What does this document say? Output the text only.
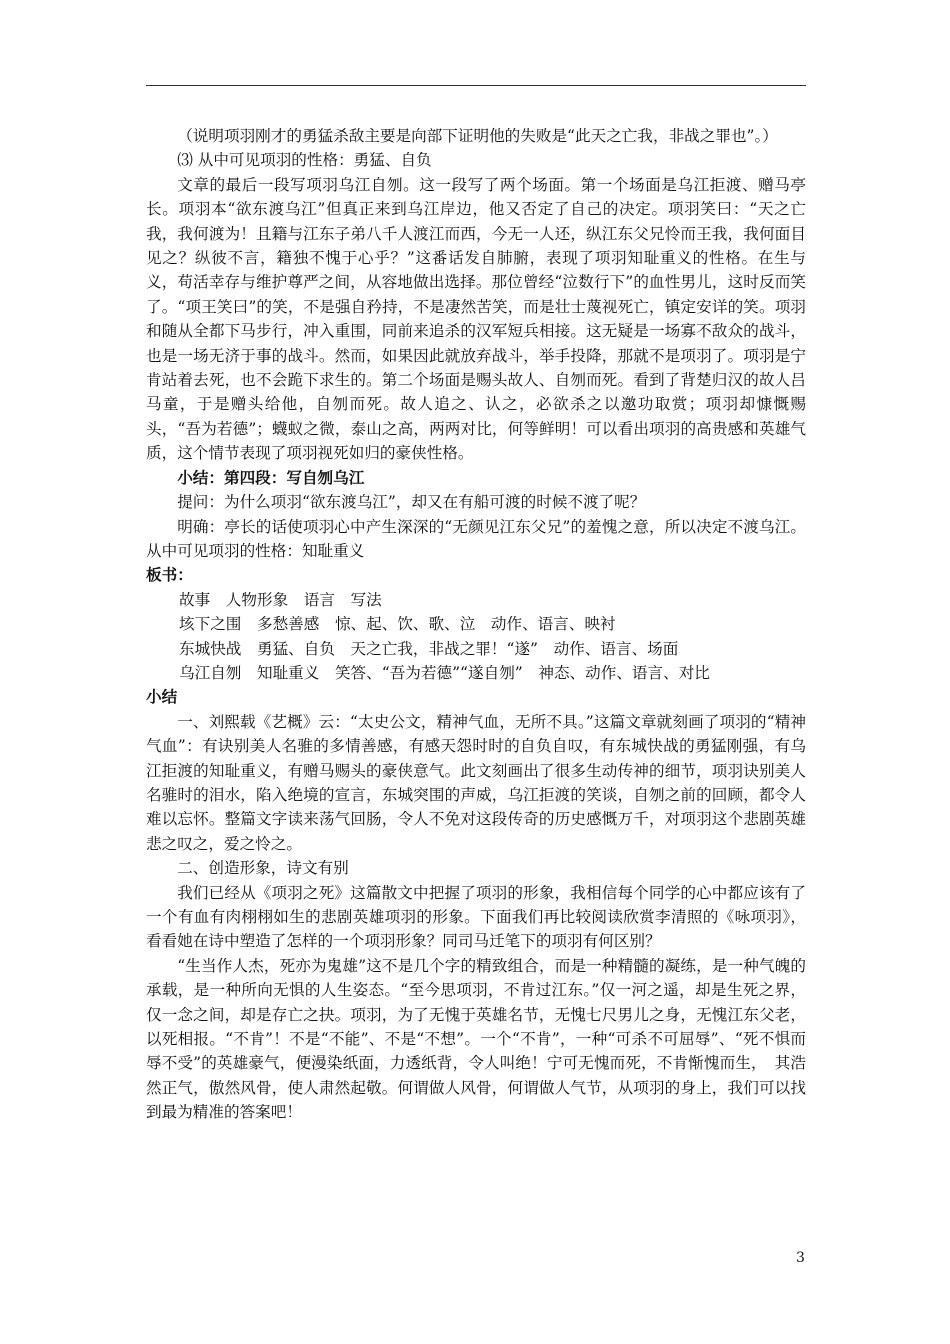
（说明项羽刚才的勇猛杀敌主要是向部下证明他的失败是“此天之亡我，非战之罪也”。）

⑶ 从中可见项羽的性格：勇猛、自负

文章的最后一段写项羽乌江自刎。这一段写了两个场面。第一个场面是乌江拒渡、赠马亭长。项羽本“欲东渡乌江”但真正来到乌江岸边，他又否定了自己的决定。项羽笑曰：“天之亡我，我何渡为！且籍与江东子弟八千人渡江而西，今无一人还，纵江东父兄怜而王我，我何面目见之？纵彼不言，籍独不愧于心乎？”这番话发自肺腑，表现了项羽知耻重义的性格。在生与义，苟活幸存与维护尊严之间，从容地做出选择。那位曾经“泣数行下”的血性男儿，这时反而笑了。“项王笑曰”的笑，不是强自矜持，不是凄然苦笑，而是壮士蔑视死亡，镇定安详的笑。项羽和随从全都下马步行，冲入重围，同前来追杀的汉军短兵相接。这无疑是一场寡不敌众的战斗，也是一场无济于事的战斗。然而，如果因此就放弃战斗，举手投降，那就不是项羽了。项羽是宁肯站着去死，也不会跪下求生的。第二个场面是赐头故人、自刎而死。看到了背楚归汉的故人吕马童，于是赠头给他，自刎而死。故人追之、认之，必欲杀之以邀功取赏；项羽却慷慨赐头，“吾为若德”；蠛蚁之微，泰山之高，两两对比，何等鲜明！可以看出项羽的高贵感和英雄气质，这个情节表现了项羽视死如归的豪侠性格。

小结：第四段：写自刎乌江

提问：为什么项羽“欲东渡乌江”，却又在有船可渡的时候不渡了呢？

明确：亭长的话使项羽心中产生深深的“无颜见江东父兄”的羞愧之意，所以决定不渡乌江。从中可见项羽的性格：知耻重义

板书：

故事　人物形象　语言　写法

垓下之围　多愁善感　惊、起、饮、歌、泣　动作、语言、映衬

东城快战　勇猛、自负　天之亡我，非战之罪！“遂”　动作、语言、场面

乌江自刎　知耻重义　笑答、“吾为若德”“遂自刎”　神态、动作、语言、对比

小结

一、刘熙载《艺概》云：“太史公文，精神气血，无所不具。”这篇文章就刻画了项羽的“精神气血”：有诀别美人名骓的多情善感，有感天怨时时的自负自叹，有东城快战的勇猛刚强，有乌江拒渡的知耻重义，有赠马赐头的豪侠意气。此文刻画出了很多生动传神的细节，项羽诀别美人名骓时的泪水，陷入绝境的宣言，东城突围的声威，乌江拒渡的笑谈，自刎之前的回顾，都令人难以忘怀。整篇文字读来荡气回肠，令人不免对这段传奇的历史感慨万千，对项羽这个悲剧英雄悲之叹之，爱之怜之。

二、创造形象，诗文有别

我们已经从《项羽之死》这篇散文中把握了项羽的形象，我相信每个同学的心中都应该有了一个有血有肉栩栩如生的悲剧英雄项羽的形象。下面我们再比较阅读欣赏李清照的《咏项羽》，看看她在诗中塑造了怎样的一个项羽形象？同司马迁笔下的项羽有何区别？

“生当作人杰，死亦为鬼雄”这不是几个字的精致组合，而是一种精髓的凝练，是一种气魄的承载，是一种所向无惧的人生姿态。“至今思项羽，不肯过江东。”仅一河之遥，却是生死之界，仅一念之间，却是存亡之抉。项羽，为了无愧于英雄名节，无愧七尺男儿之身，无愧江东父老，以死相报。“不肯”！不是“不能”、不是“不想”。一个“不肯”，一种“可杀不可屈辱”、“死不惧而辱不受”的英雄豪气，便漫染纸面，力透纸背，令人叫绝！宁可无愧而死，不肯惭愧而生，　其浩然正气，傲然风骨，使人肃然起敬。何谓做人风骨，何谓做人气节，从项羽的身上，我们可以找到最为精准的答案吧！

3
